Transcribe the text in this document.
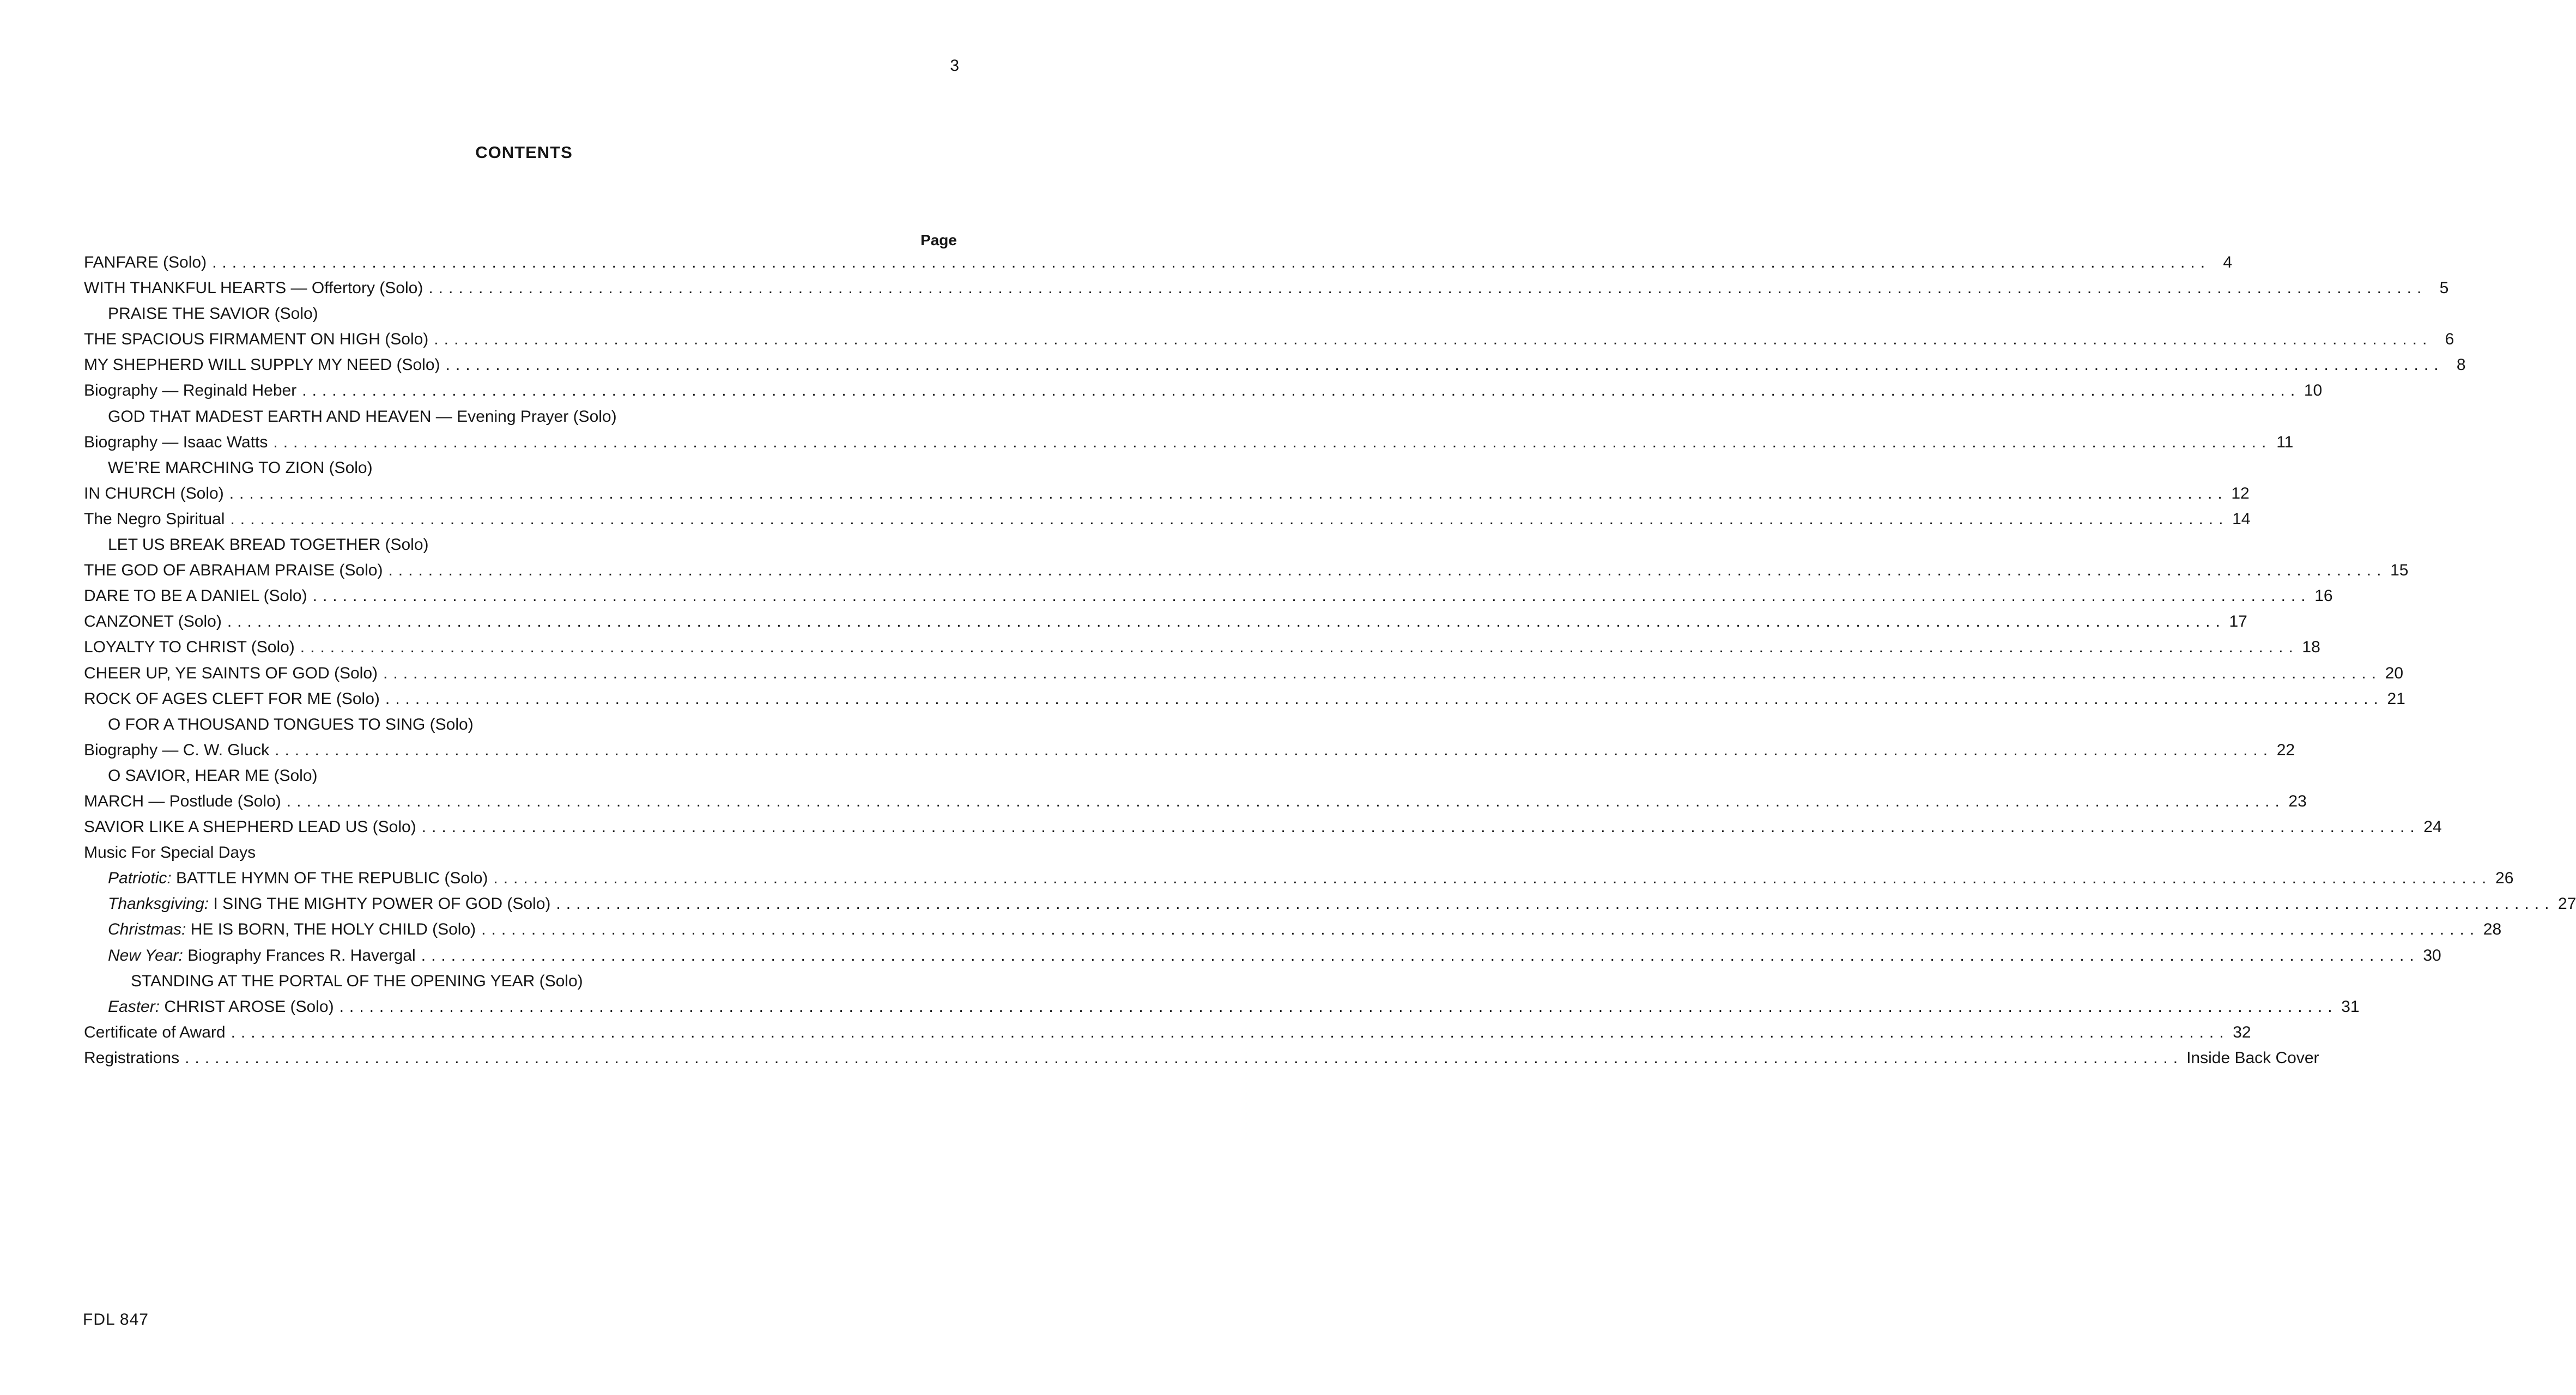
3
CONTENTS
Page
FANFARE (Solo) ........................................................................................................................................................................................................ 4
WITH THANKFUL HEARTS — Offertory (Solo) ........................................................................................................................................................................................................ 5
PRAISE THE SAVIOR (Solo)
THE SPACIOUS FIRMAMENT ON HIGH (Solo) ........................................................................................................................................................................................................ 6
MY SHEPHERD WILL SUPPLY MY NEED (Solo) ........................................................................................................................................................................................................ 8
Biography — Reginald Heber ........................................................................................................................................................................................................ 10
GOD THAT MADEST EARTH AND HEAVEN — Evening Prayer (Solo)
Biography — Isaac Watts ........................................................................................................................................................................................................ 11
WE’RE MARCHING TO ZION (Solo)
IN CHURCH (Solo) ........................................................................................................................................................................................................ 12
The Negro Spiritual ........................................................................................................................................................................................................ 14
LET US BREAK BREAD TOGETHER (Solo)
THE GOD OF ABRAHAM PRAISE (Solo) ........................................................................................................................................................................................................ 15
DARE TO BE A DANIEL (Solo) ........................................................................................................................................................................................................ 16
CANZONET (Solo) ........................................................................................................................................................................................................ 17
LOYALTY TO CHRIST (Solo) ........................................................................................................................................................................................................ 18
CHEER UP, YE SAINTS OF GOD (Solo) ........................................................................................................................................................................................................ 20
ROCK OF AGES CLEFT FOR ME (Solo) ........................................................................................................................................................................................................ 21
O FOR A THOUSAND TONGUES TO SING (Solo)
Biography — C. W. Gluck ........................................................................................................................................................................................................ 22
O SAVIOR, HEAR ME (Solo)
MARCH — Postlude (Solo) ........................................................................................................................................................................................................ 23
SAVIOR LIKE A SHEPHERD LEAD US (Solo) ........................................................................................................................................................................................................ 24
Music For Special Days
Patriotic: BATTLE HYMN OF THE REPUBLIC (Solo) ........................................................................................................................................................................................................ 26
Thanksgiving: I SING THE MIGHTY POWER OF GOD (Solo) ........................................................................................................................................................................................................ 27
Christmas: HE IS BORN, THE HOLY CHILD (Solo) ........................................................................................................................................................................................................ 28
New Year: Biography Frances R. Havergal ........................................................................................................................................................................................................ 30
STANDING AT THE PORTAL OF THE OPENING YEAR (Solo)
Easter: CHRIST AROSE (Solo) ........................................................................................................................................................................................................ 31
Certificate of Award ........................................................................................................................................................................................................ 32
Registrations ........................................................................................................................................................................................................ Inside Back Cover
FDL 847
